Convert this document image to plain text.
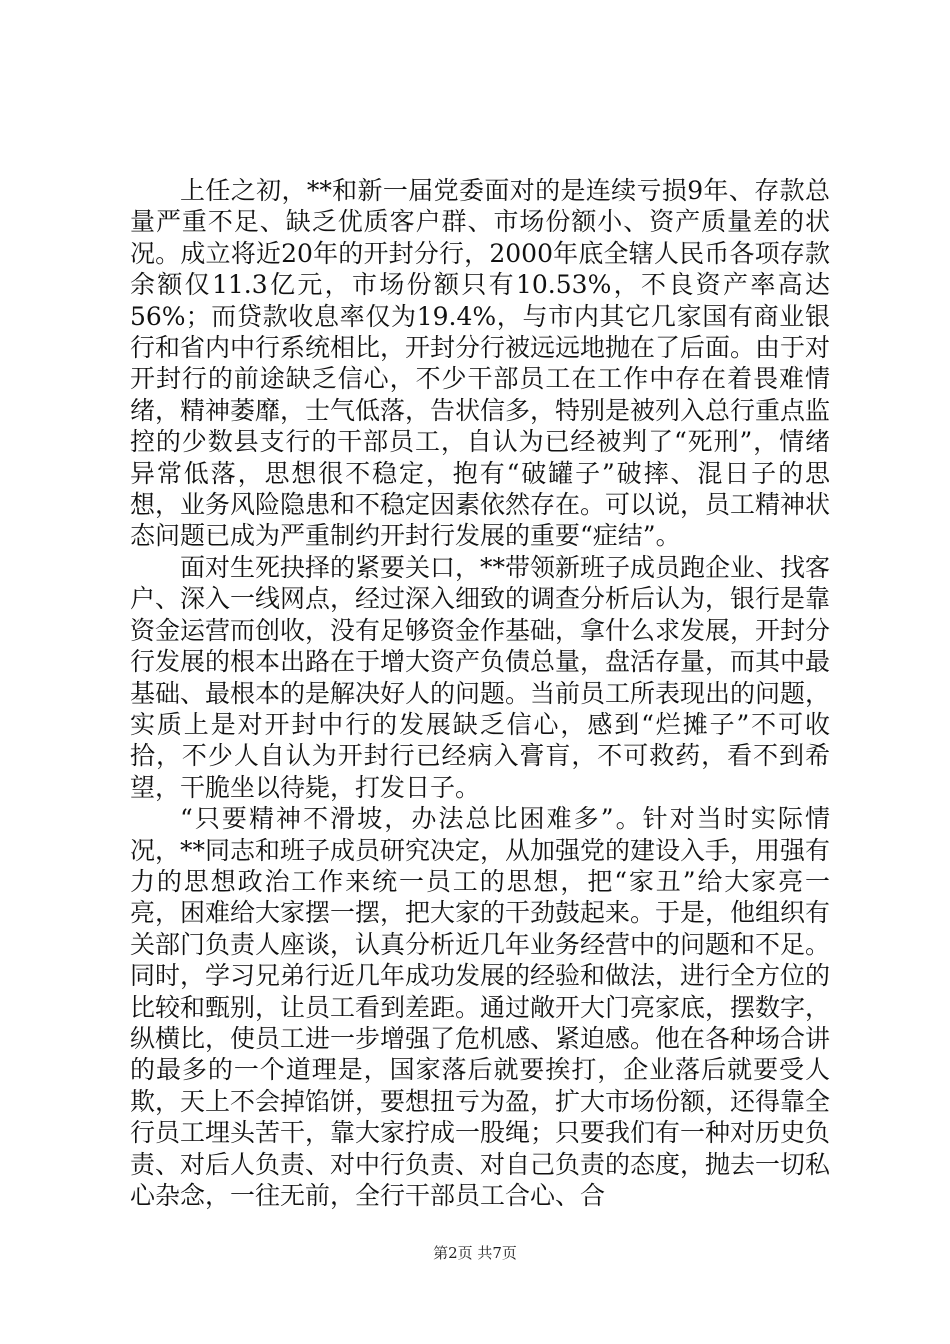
上任之初，**和新一届党委面对的是连续亏损9年、存款总量严重不足、缺乏优质客户群、市场份额小、资产质量差的状况。成立将近20年的开封分行，2000年底全辖人民币各项存款余额仅11.3亿元，市场份额只有10.53%，不良资产率高达56%；而贷款收息率仅为19.4%，与市内其它几家国有商业银行和省内中行系统相比，开封分行被远远地抛在了后面。由于对开封行的前途缺乏信心，不少干部员工在工作中存在着畏难情绪，精神萎靡，士气低落，告状信多，特别是被列入总行重点监控的少数县支行的干部员工，自认为已经被判了“死刑”，情绪异常低落，思想很不稳定，抱有“破罐子”破摔、混日子的思想，业务风险隐患和不稳定因素依然存在。可以说，员工精神状态问题已成为严重制约开封行发展的重要“症结”。

面对生死抉择的紧要关口，**带领新班子成员跑企业、找客户、深入一线网点，经过深入细致的调查分析后认为，银行是靠资金运营而创收，没有足够资金作基础，拿什么求发展，开封分行发展的根本出路在于增大资产负债总量，盘活存量，而其中最基础、最根本的是解决好人的问题。当前员工所表现出的问题，实质上是对开封中行的发展缺乏信心，感到“烂摊子”不可收拾，不少人自认为开封行已经病入膏肓，不可救药，看不到希望，干脆坐以待毙，打发日子。

“只要精神不滑坡，办法总比困难多”。针对当时实际情况，**同志和班子成员研究决定，从加强党的建设入手，用强有力的思想政治工作来统一员工的思想，把“家丑”给大家亮一亮，困难给大家摆一摆，把大家的干劲鼓起来。于是，他组织有关部门负责人座谈，认真分析近几年业务经营中的问题和不足。同时，学习兄弟行近几年成功发展的经验和做法，进行全方位的比较和甄别，让员工看到差距。通过敞开大门亮家底，摆数字，纵横比，使员工进一步增强了危机感、紧迫感。他在各种场合讲的最多的一个道理是，国家落后就要挨打，企业落后就要受人欺，天上不会掉馅饼，要想扭亏为盈，扩大市场份额，还得靠全行员工埋头苦干，靠大家拧成一股绳；只要我们有一种对历史负责、对后人负责、对中行负责、对自己负责的态度，抛去一切私心杂念，一往无前，全行干部员工合心、合

第2页 共7页
